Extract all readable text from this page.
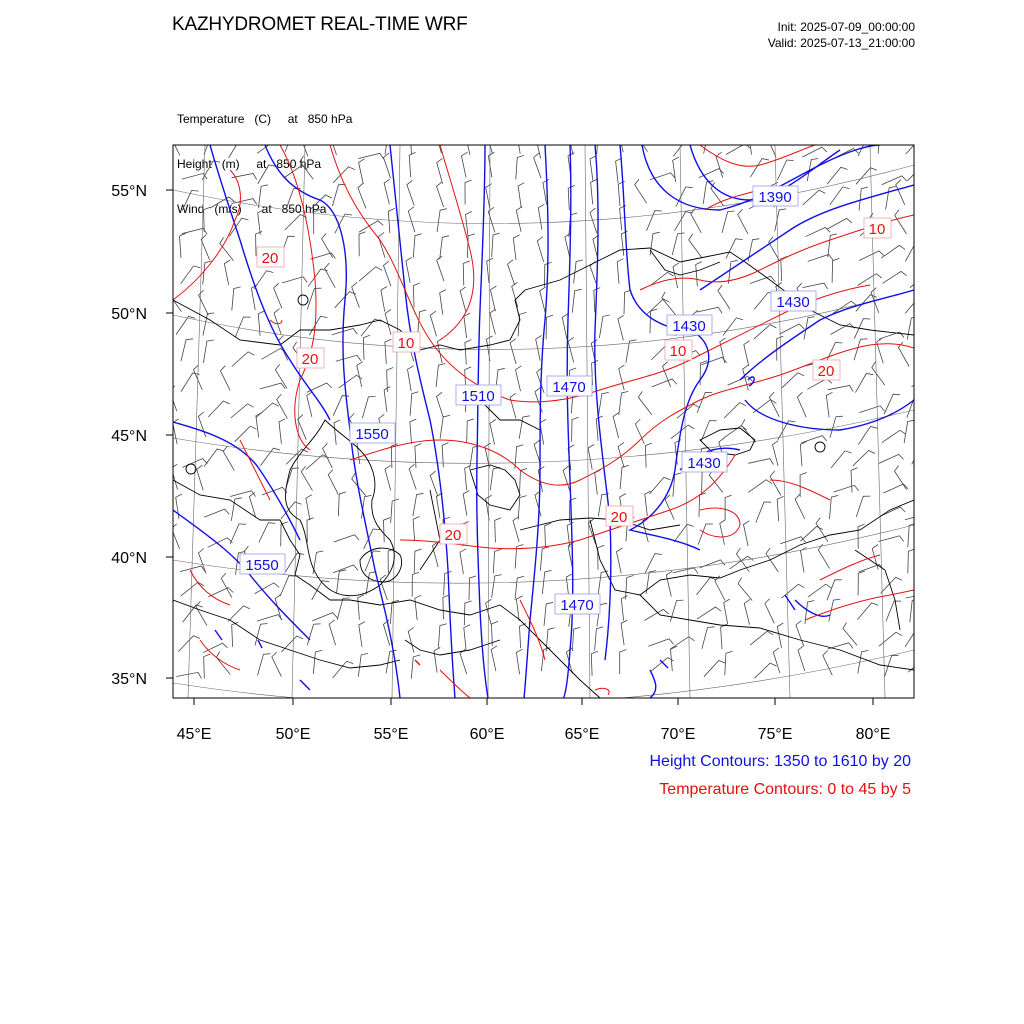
KAZHYDROMET REAL-TIME WRF	Init: 2025-07-09_00:00:00
Valid: 2025-07-13_21:00:00

Temperature   (C)     at   850 hPa

Height   (m)     at   850 hPa

Wind   (m/s)      at   850 hPa

1390
1430
1430
1510
1470
1550
1430
1550
1470
20
10
20
10	10
20
20
20
55°N
50°N
45°N
40°N
35°N
45°E	50°E	55°E	60°E	65°E	70°E	75°E	80°E
Height Contours: 1350 to 1610 by 20
Temperature Contours: 0 to 45 by 5
